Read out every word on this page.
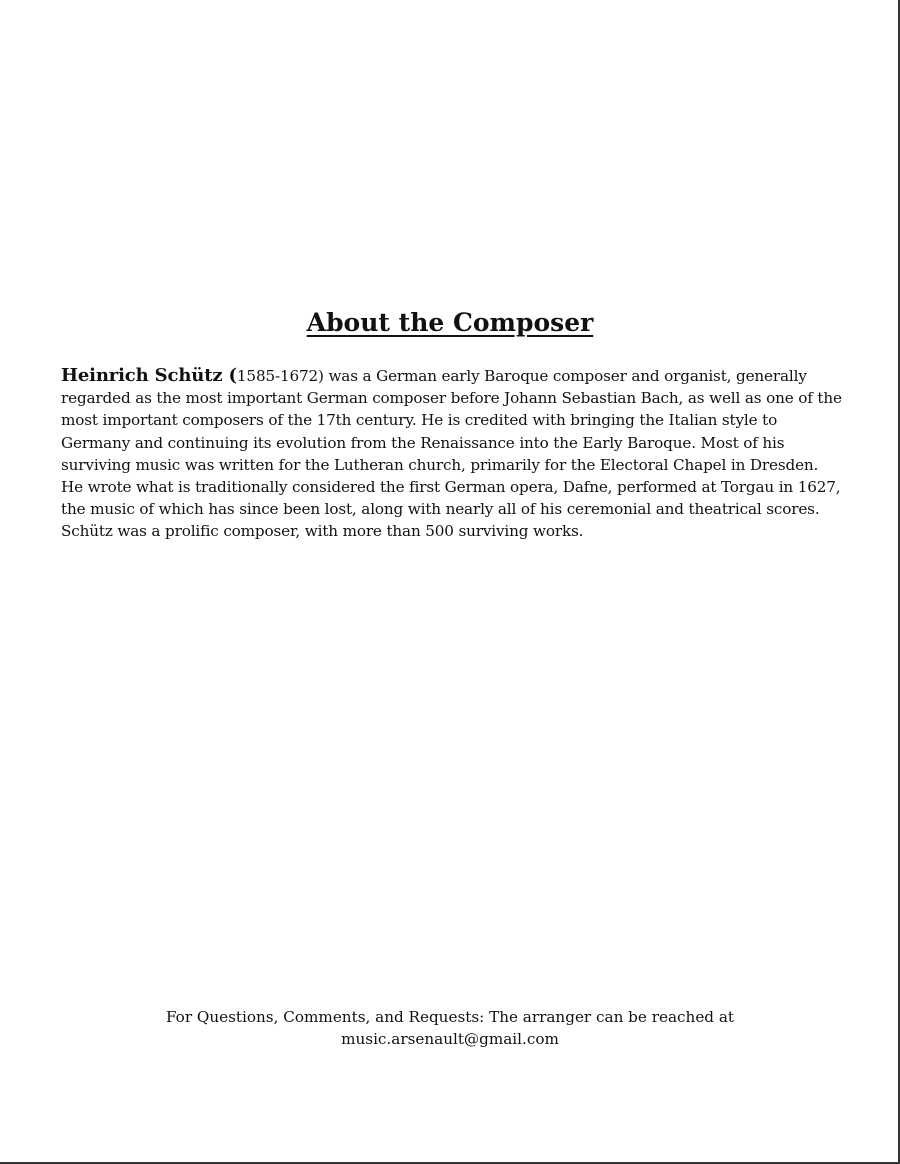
About the Composer

Heinrich Schütz (1585-1672) was a German early Baroque composer and organist, generally regarded as the most important German composer before Johann Sebastian Bach, as well as one of the most important composers of the 17th century. He is credited with bringing the Italian style to Germany and continuing its evolution from the Renaissance into the Early Baroque. Most of his surviving music was written for the Lutheran church, primarily for the Electoral Chapel in Dresden. He wrote what is traditionally considered the first German opera, Dafne, performed at Torgau in 1627, the music of which has since been lost, along with nearly all of his ceremonial and theatrical scores. Schütz was a prolific composer, with more than 500 surviving works.

For Questions, Comments, and Requests: The arranger can be reached at
music.arsenault@gmail.com
